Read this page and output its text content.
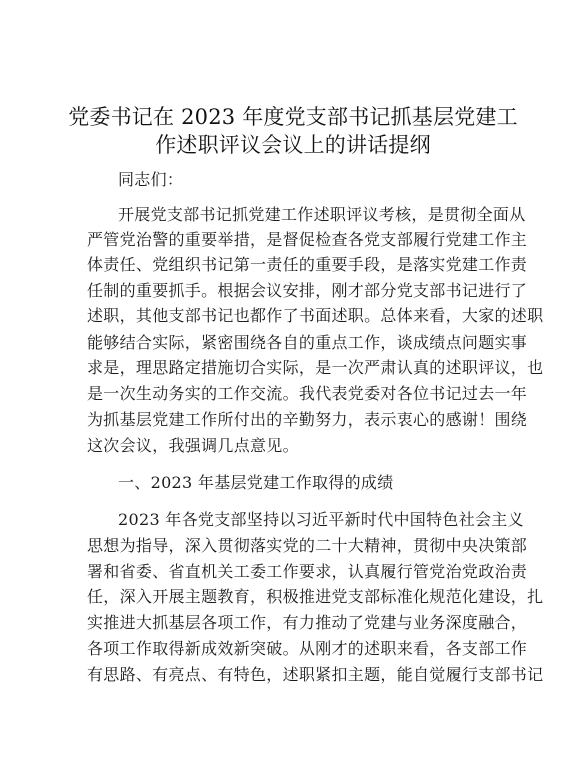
党委书记在 2023 年度党支部书记抓基层党建工
作述职评议会议上的讲话提纲
同志们：
开展党支部书记抓党建工作述职评议考核，是贯彻全面从
严管党治警的重要举措，是督促检查各党支部履行党建工作主
体责任、党组织书记第一责任的重要手段，是落实党建工作责
任制的重要抓手。根据会议安排，刚才部分党支部书记进行了
述职，其他支部书记也都作了书面述职。总体来看，大家的述职
能够结合实际，紧密围绕各自的重点工作，谈成绩点问题实事
求是，理思路定措施切合实际，是一次严肃认真的述职评议，也
是一次生动务实的工作交流。我代表党委对各位书记过去一年
为抓基层党建工作所付出的辛勤努力，表示衷心的感谢！围绕
这次会议，我强调几点意见。
一、2023 年基层党建工作取得的成绩
2023 年各党支部坚持以习近平新时代中国特色社会主义
思想为指导，深入贯彻落实党的二十大精神，贯彻中央决策部
署和省委、省直机关工委工作要求，认真履行管党治党政治责
任，深入开展主题教育，积极推进党支部标准化规范化建设，扎
实推进大抓基层各项工作，有力推动了党建与业务深度融合，
各项工作取得新成效新突破。从刚才的述职来看，各支部工作
有思路、有亮点、有特色，述职紧扣主题，能自觉履行支部书记
